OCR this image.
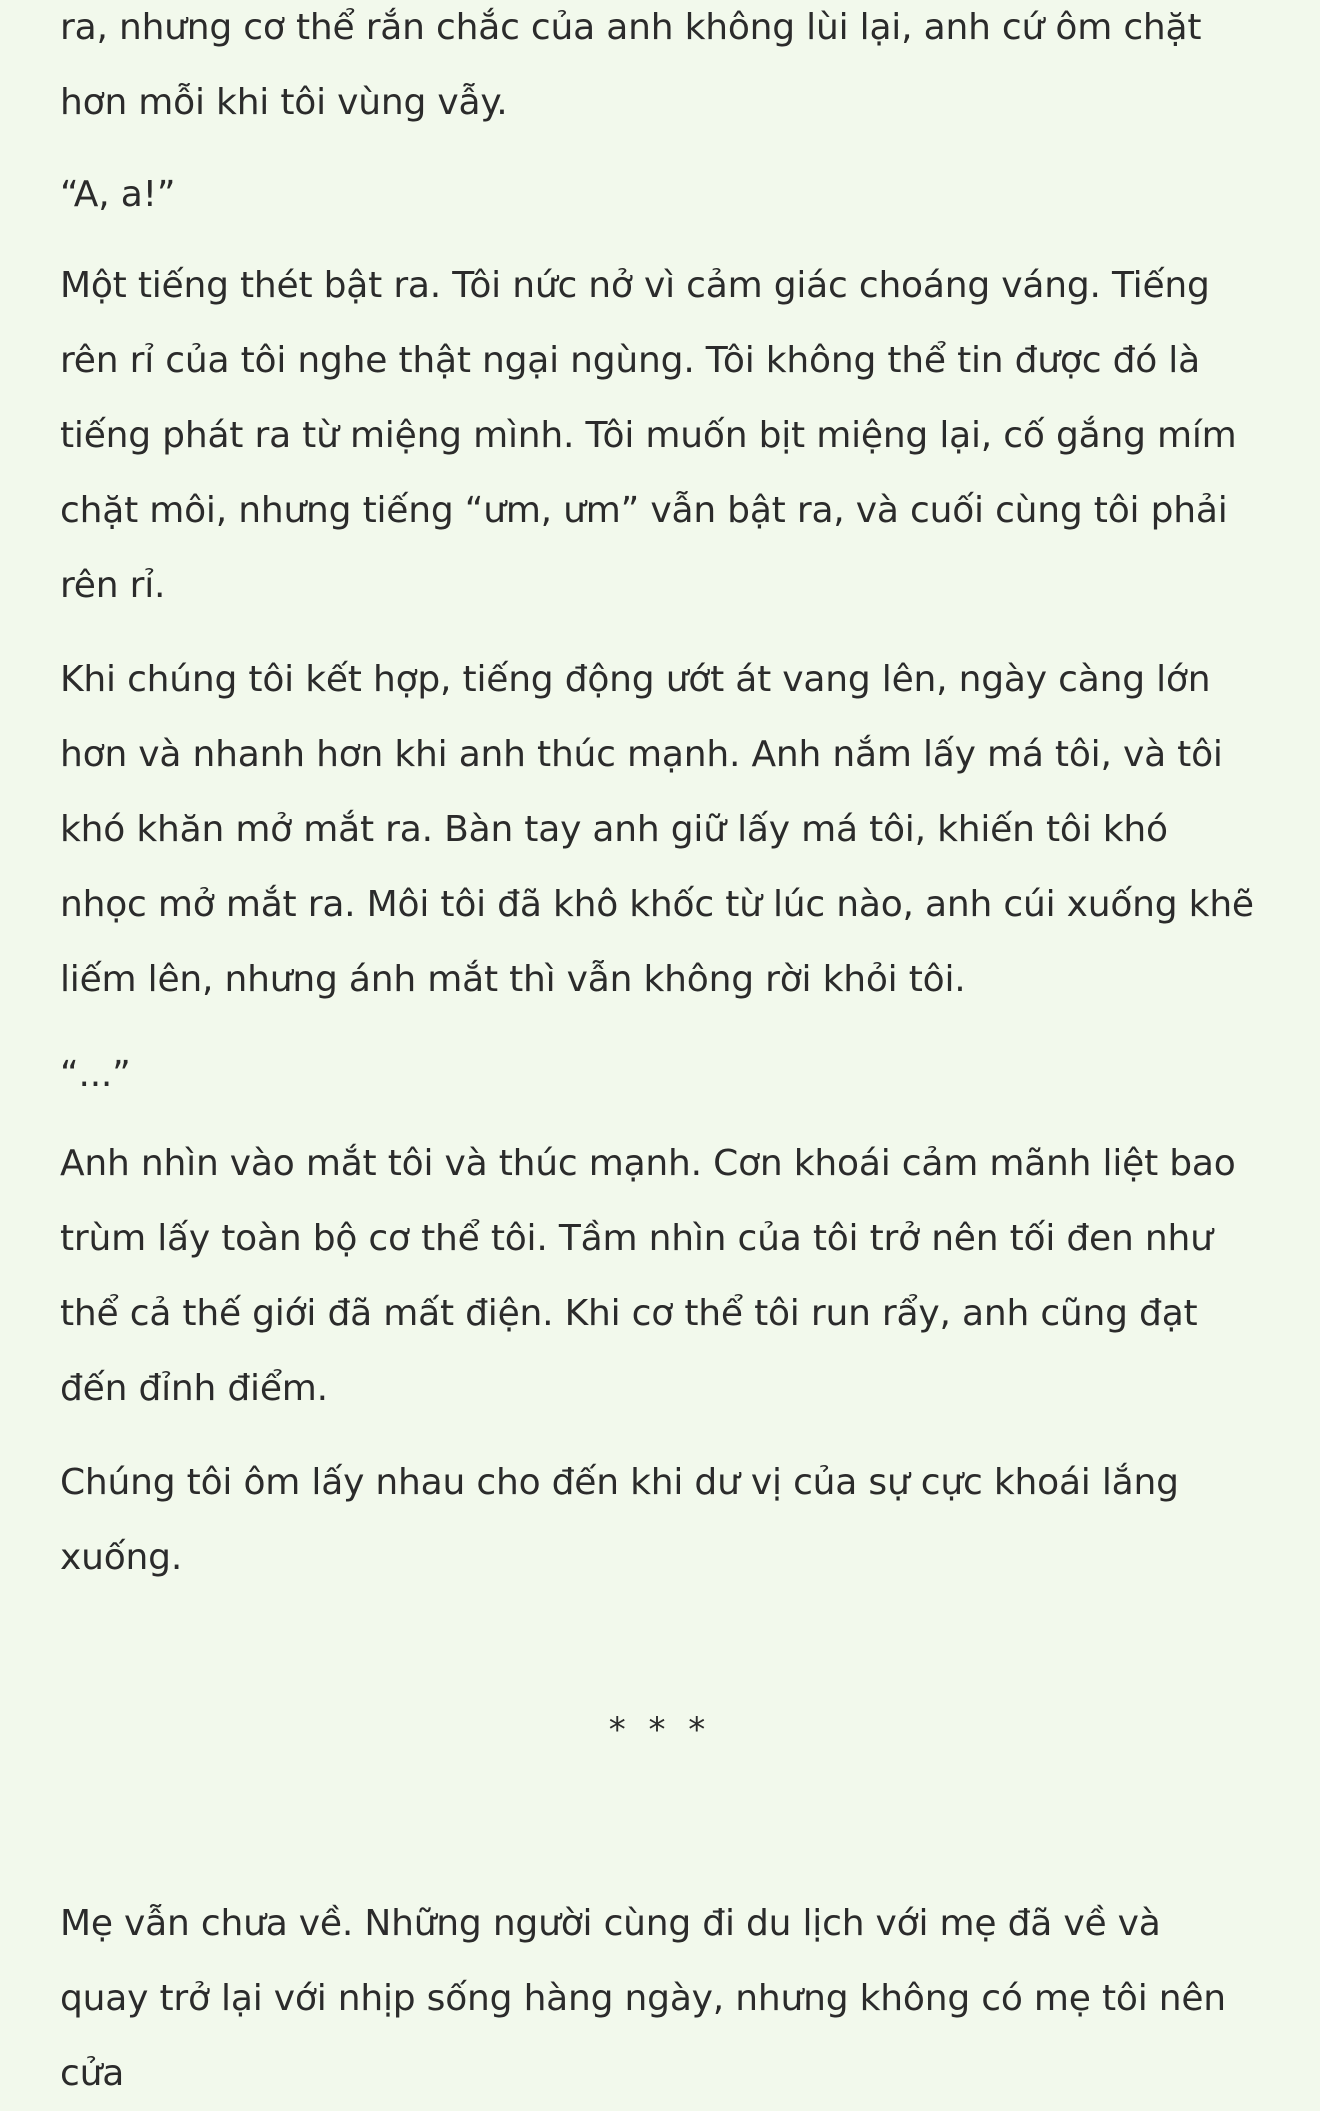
ra, nhưng cơ thể rắn chắc của anh không lùi lại, anh cứ ôm chặt hơn mỗi khi tôi vùng vẫy.

“A, a!”

Một tiếng thét bật ra. Tôi nức nở vì cảm giác choáng váng. Tiếng rên rỉ của tôi nghe thật ngại ngùng. Tôi không thể tin được đó là tiếng phát ra từ miệng mình. Tôi muốn bịt miệng lại, cố gắng mím chặt môi, nhưng tiếng “ưm, ưm” vẫn bật ra, và cuối cùng tôi phải rên rỉ.

Khi chúng tôi kết hợp, tiếng động ướt át vang lên, ngày càng lớn hơn và nhanh hơn khi anh thúc mạnh. Anh nắm lấy má tôi, và tôi khó khăn mở mắt ra. Bàn tay anh giữ lấy má tôi, khiến tôi khó nhọc mở mắt ra. Môi tôi đã khô khốc từ lúc nào, anh cúi xuống khẽ liếm lên, nhưng ánh mắt thì vẫn không rời khỏi tôi.

“...”

Anh nhìn vào mắt tôi và thúc mạnh. Cơn khoái cảm mãnh liệt bao trùm lấy toàn bộ cơ thể tôi. Tầm nhìn của tôi trở nên tối đen như thể cả thế giới đã mất điện. Khi cơ thể tôi run rẩy, anh cũng đạt đến đỉnh điểm.

Chúng tôi ôm lấy nhau cho đến khi dư vị của sự cực khoái lắng xuống.

* * *

Mẹ vẫn chưa về. Những người cùng đi du lịch với mẹ đã về và quay trở lại với nhịp sống hàng ngày, nhưng không có mẹ tôi nên cửa
